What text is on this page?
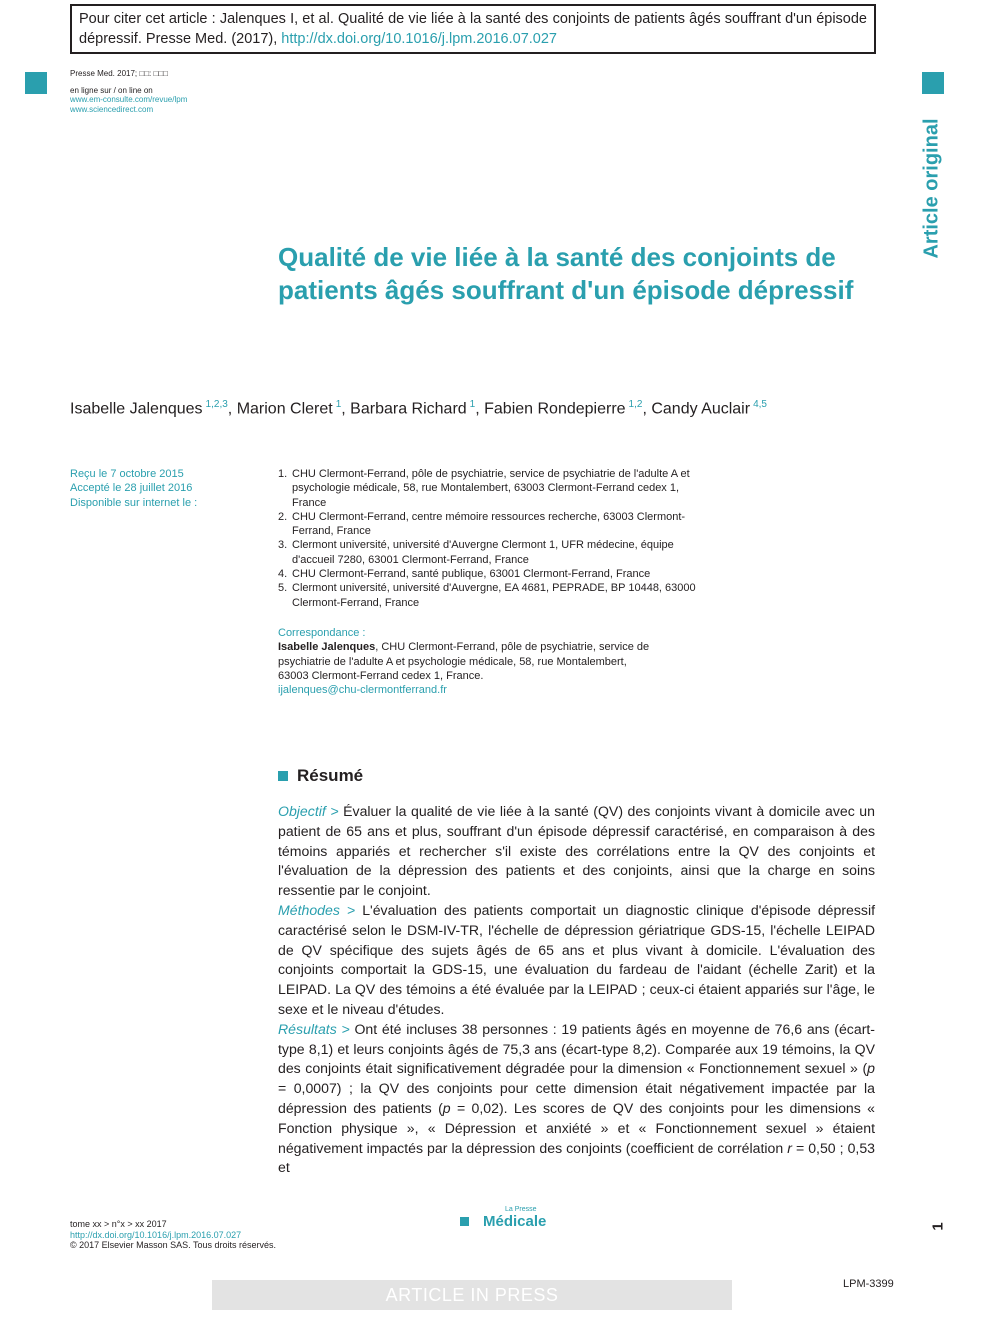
Pour citer cet article : Jalenques I, et al. Qualité de vie liée à la santé des conjoints de patients âgés souffrant d'un épisode dépressif. Presse Med. (2017), http://dx.doi.org/10.1016/j.lpm.2016.07.027
Presse Med. 2017; □□: □□□
en ligne sur / on line on
www.em-consulte.com/revue/lpm
www.sciencedirect.com
Article original
Qualité de vie liée à la santé des conjoints de patients âgés souffrant d'un épisode dépressif
Isabelle Jalenques $^{1,2,3}$, Marion Cleret $^1$, Barbara Richard $^1$, Fabien Rondepierre $^{1,2}$, Candy Auclair $^{4,5}$
Reçu le 7 octobre 2015
Accepté le 28 juillet 2016
Disponible sur internet le :
1. CHU Clermont-Ferrand, pôle de psychiatrie, service de psychiatrie de l'adulte A et psychologie médicale, 58, rue Montalembert, 63003 Clermont-Ferrand cedex 1, France
2. CHU Clermont-Ferrand, centre mémoire ressources recherche, 63003 Clermont-Ferrand, France
3. Clermont université, université d'Auvergne Clermont 1, UFR médecine, équipe d'accueil 7280, 63001 Clermont-Ferrand, France
4. CHU Clermont-Ferrand, santé publique, 63001 Clermont-Ferrand, France
5. Clermont université, université d'Auvergne, EA 4681, PEPRADE, BP 10448, 63000 Clermont-Ferrand, France
Correspondance :
Isabelle Jalenques, CHU Clermont-Ferrand, pôle de psychiatrie, service de psychiatrie de l'adulte A et psychologie médicale, 58, rue Montalembert, 63003 Clermont-Ferrand cedex 1, France.
ijalenques@chu-clermontferrand.fr
Résumé

Objectif > Évaluer la qualité de vie liée à la santé (QV) des conjoints vivant à domicile avec un patient de 65 ans et plus, souffrant d'un épisode dépressif caractérisé, en comparaison à des témoins appariés et rechercher s'il existe des corrélations entre la QV des conjoints et l'évaluation de la dépression des patients et des conjoints, ainsi que la charge en soins ressentie par le conjoint.

Méthodes > L'évaluation des patients comportait un diagnostic clinique d'épisode dépressif caractérisé selon le DSM-IV-TR, l'échelle de dépression gériatrique GDS-15, l'échelle LEIPAD de QV spécifique des sujets âgés de 65 ans et plus vivant à domicile. L'évaluation des conjoints comportait la GDS-15, une évaluation du fardeau de l'aidant (échelle Zarit) et la LEIPAD. La QV des témoins a été évaluée par la LEIPAD ; ceux-ci étaient appariés sur l'âge, le sexe et le niveau d'études.

Résultats > Ont été incluses 38 personnes : 19 patients âgés en moyenne de 76,6 ans (écart-type 8,1) et leurs conjoints âgés de 75,3 ans (écart-type 8,2). Comparée aux 19 témoins, la QV des conjoints était significativement dégradée pour la dimension « Fonctionnement sexuel » (p = 0,0007) ; la QV des conjoints pour cette dimension était négativement impactée par la dépression des patients (p = 0,02). Les scores de QV des conjoints pour les dimensions « Fonction physique », « Dépression et anxiété » et « Fonctionnement sexuel » étaient négativement impactés par la dépression des conjoints (coefficient de corrélation r = 0,50 ; 0,53 et

tome xx > n°x > xx 2017
http://dx.doi.org/10.1016/j.lpm.2016.07.027
© 2017 Elsevier Masson SAS. Tous droits réservés.
La Presse
Médicale	1
ARTICLE IN PRESS
LPM-3399
